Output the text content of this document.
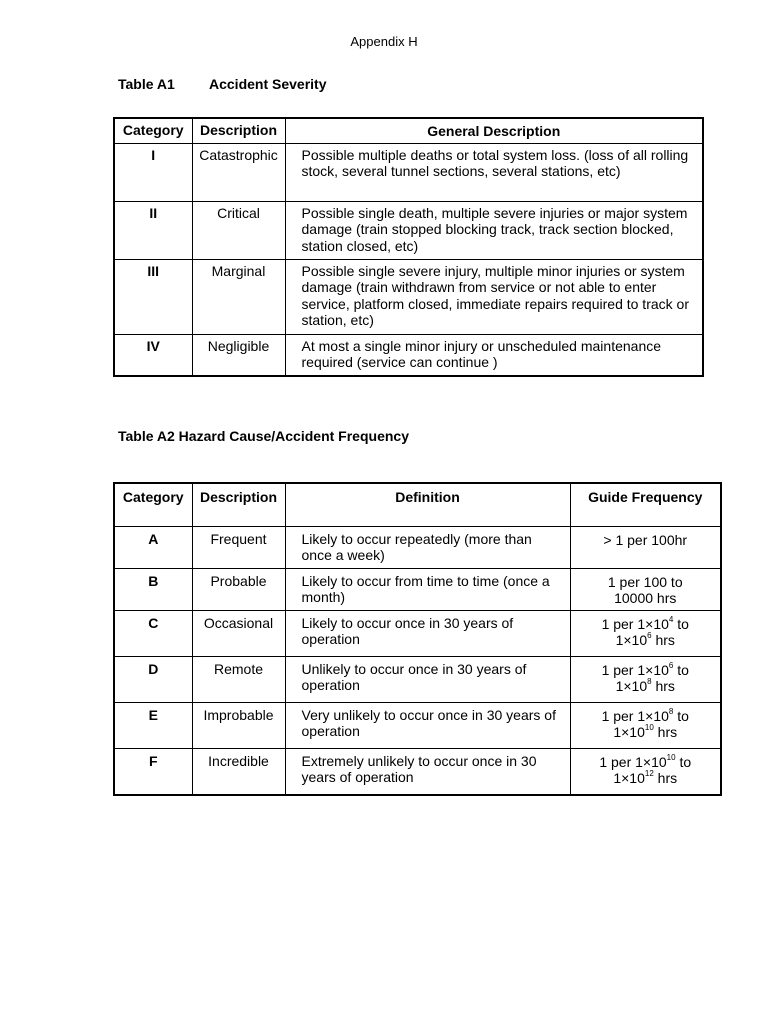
Appendix H
Table A1 Accident Severity
Category	Description	General Description
I	Catastrophic	Possible multiple deaths or total system loss. (loss of all rolling stock, several tunnel sections, several stations, etc)
II	Critical	Possible single death, multiple severe injuries or major system damage (train stopped blocking track, track section blocked, station closed, etc)
III	Marginal	Possible single severe injury, multiple minor injuries or system damage (train withdrawn from service or not able to enter service, platform closed, immediate repairs required to track or station, etc)
IV	Negligible	At most a single minor injury or unscheduled maintenance required (service can continue )
Table A2 Hazard Cause/Accident Frequency
Category	Description	Definition	Guide Frequency
A	Frequent	Likely to occur repeatedly (more than once a week)	> 1 per 100hr
B	Probable	Likely to occur from time to time (once a month)	1 per 100 to
10000 hrs
C	Occasional	Likely to occur once in 30 years of operation	1 per $1\times 10^4$ to
$1\times 10^6$ hrs
D	Remote	Unlikely to occur once in 30 years of operation	1 per $1\times 10^6$ to
$1\times 10^8$ hrs
E	Improbable	Very unlikely to occur once in 30 years of operation	1 per $1\times 10^8$ to
$1\times 10^{10}$ hrs
F	Incredible	Extremely unlikely to occur once in 30 years of operation	1 per $1\times 10^{10}$ to
$1\times 10^{12}$ hrs
